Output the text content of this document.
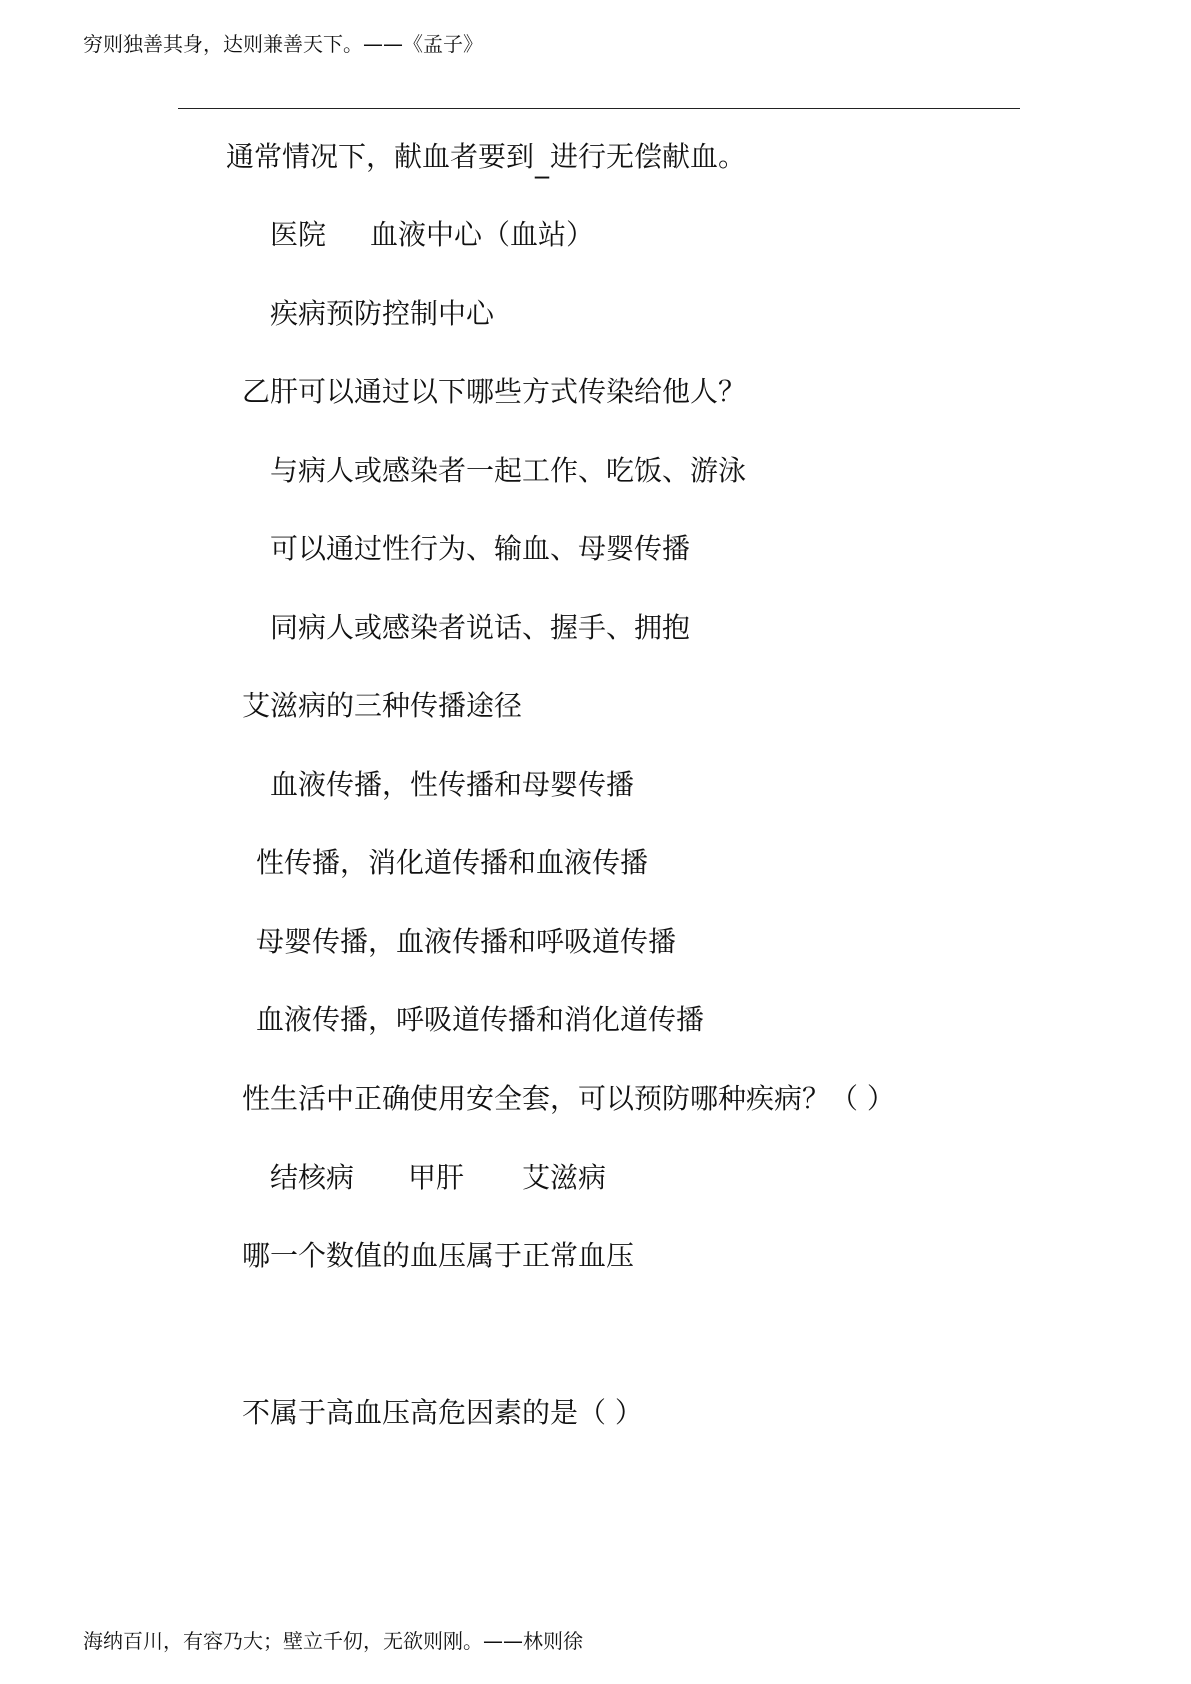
穷则独善其身，达则兼善天下。——《孟子》
通常情况下，献血者要到_进行无偿献血。
医院 血液中心（血站）
疾病预防控制中心
乙肝可以通过以下哪些方式传染给他人？
与病人或感染者一起工作、吃饭、游泳
可以通过性行为、输血、母婴传播
同病人或感染者说话、握手、拥抱
艾滋病的三种传播途径
血液传播，性传播和母婴传播
性传播，消化道传播和血液传播
母婴传播，血液传播和呼吸道传播
血液传播，呼吸道传播和消化道传播
性生活中正确使用安全套，可以预防哪种疾病？（ ）
结核病 甲肝 艾滋病
哪一个数值的血压属于正常血压
不属于高血压高危因素的是（ ）
海纳百川，有容乃大；壁立千仞，无欲则刚。——林则徐
